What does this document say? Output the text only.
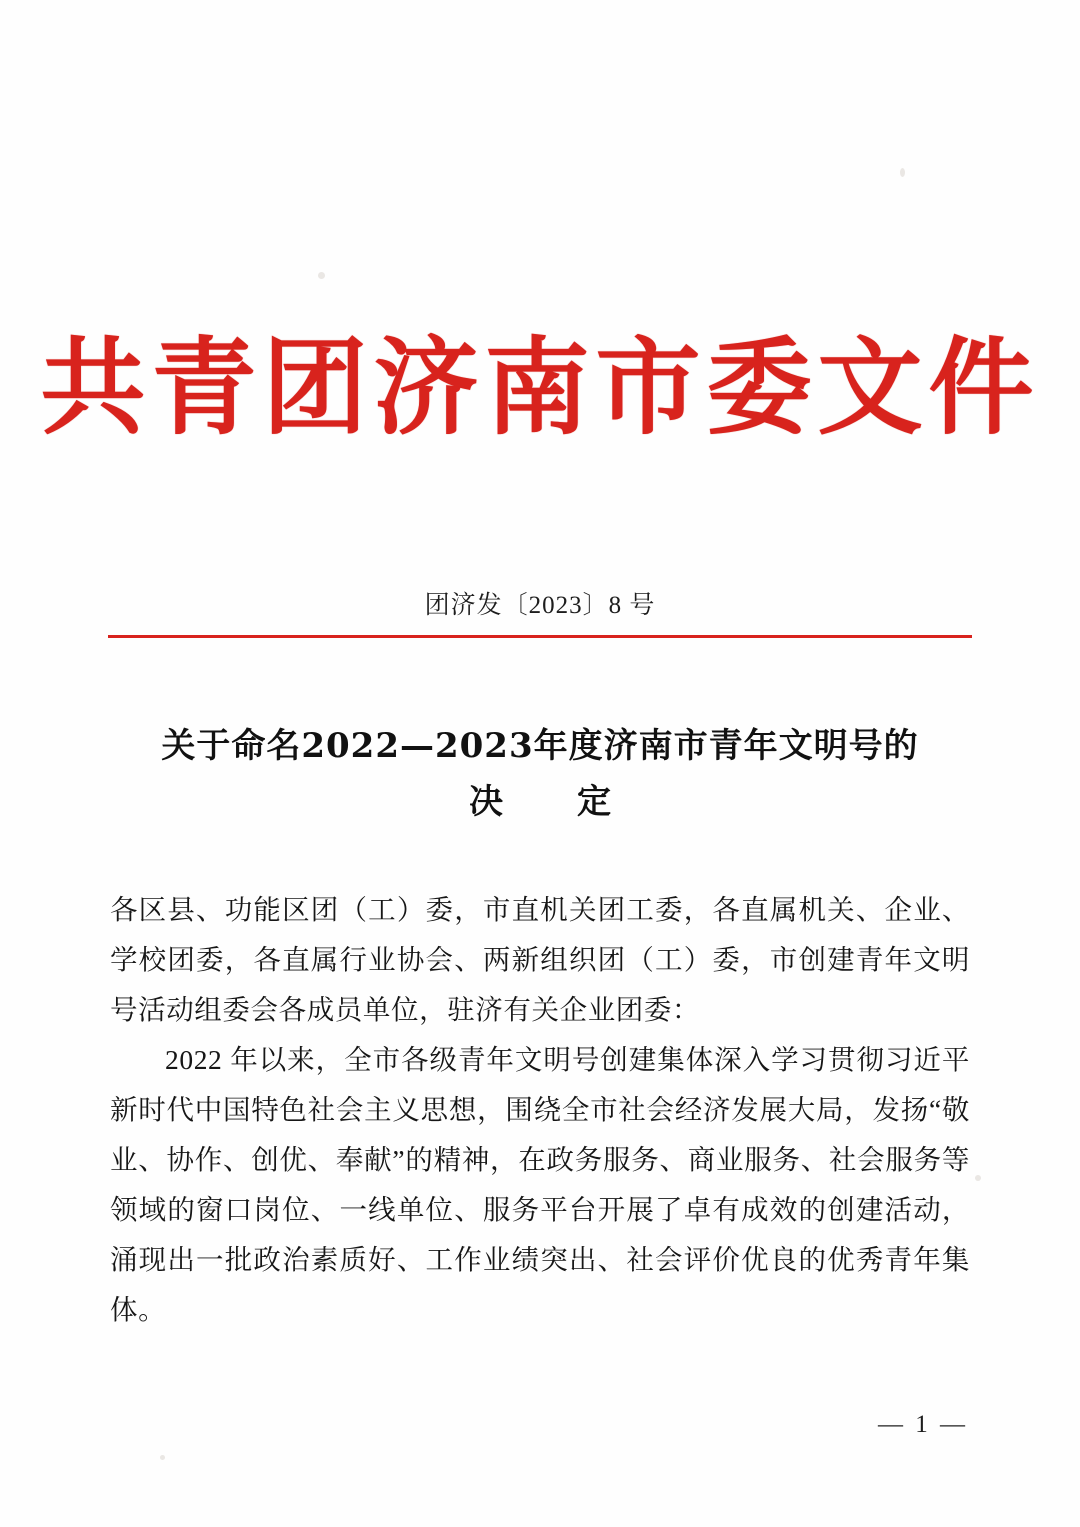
共青团济南市委文件
团济发〔2023〕8 号
关于命名2022—2023年度济南市青年文明号的
决　定

各区县、功能区团（工）委，市直机关团工委，各直属机关、企业、学校团委，各直属行业协会、两新组织团（工）委，市创建青年文明号活动组委会各成员单位，驻济有关企业团委：

2022 年以来，全市各级青年文明号创建集体深入学习贯彻习近平新时代中国特色社会主义思想，围绕全市社会经济发展大局，发扬“敬业、协作、创优、奉献”的精神，在政务服务、商业服务、社会服务等领域的窗口岗位、一线单位、服务平台开展了卓有成效的创建活动，涌现出一批政治素质好、工作业绩突出、社会评价优良的优秀青年集体。

— 1 —
